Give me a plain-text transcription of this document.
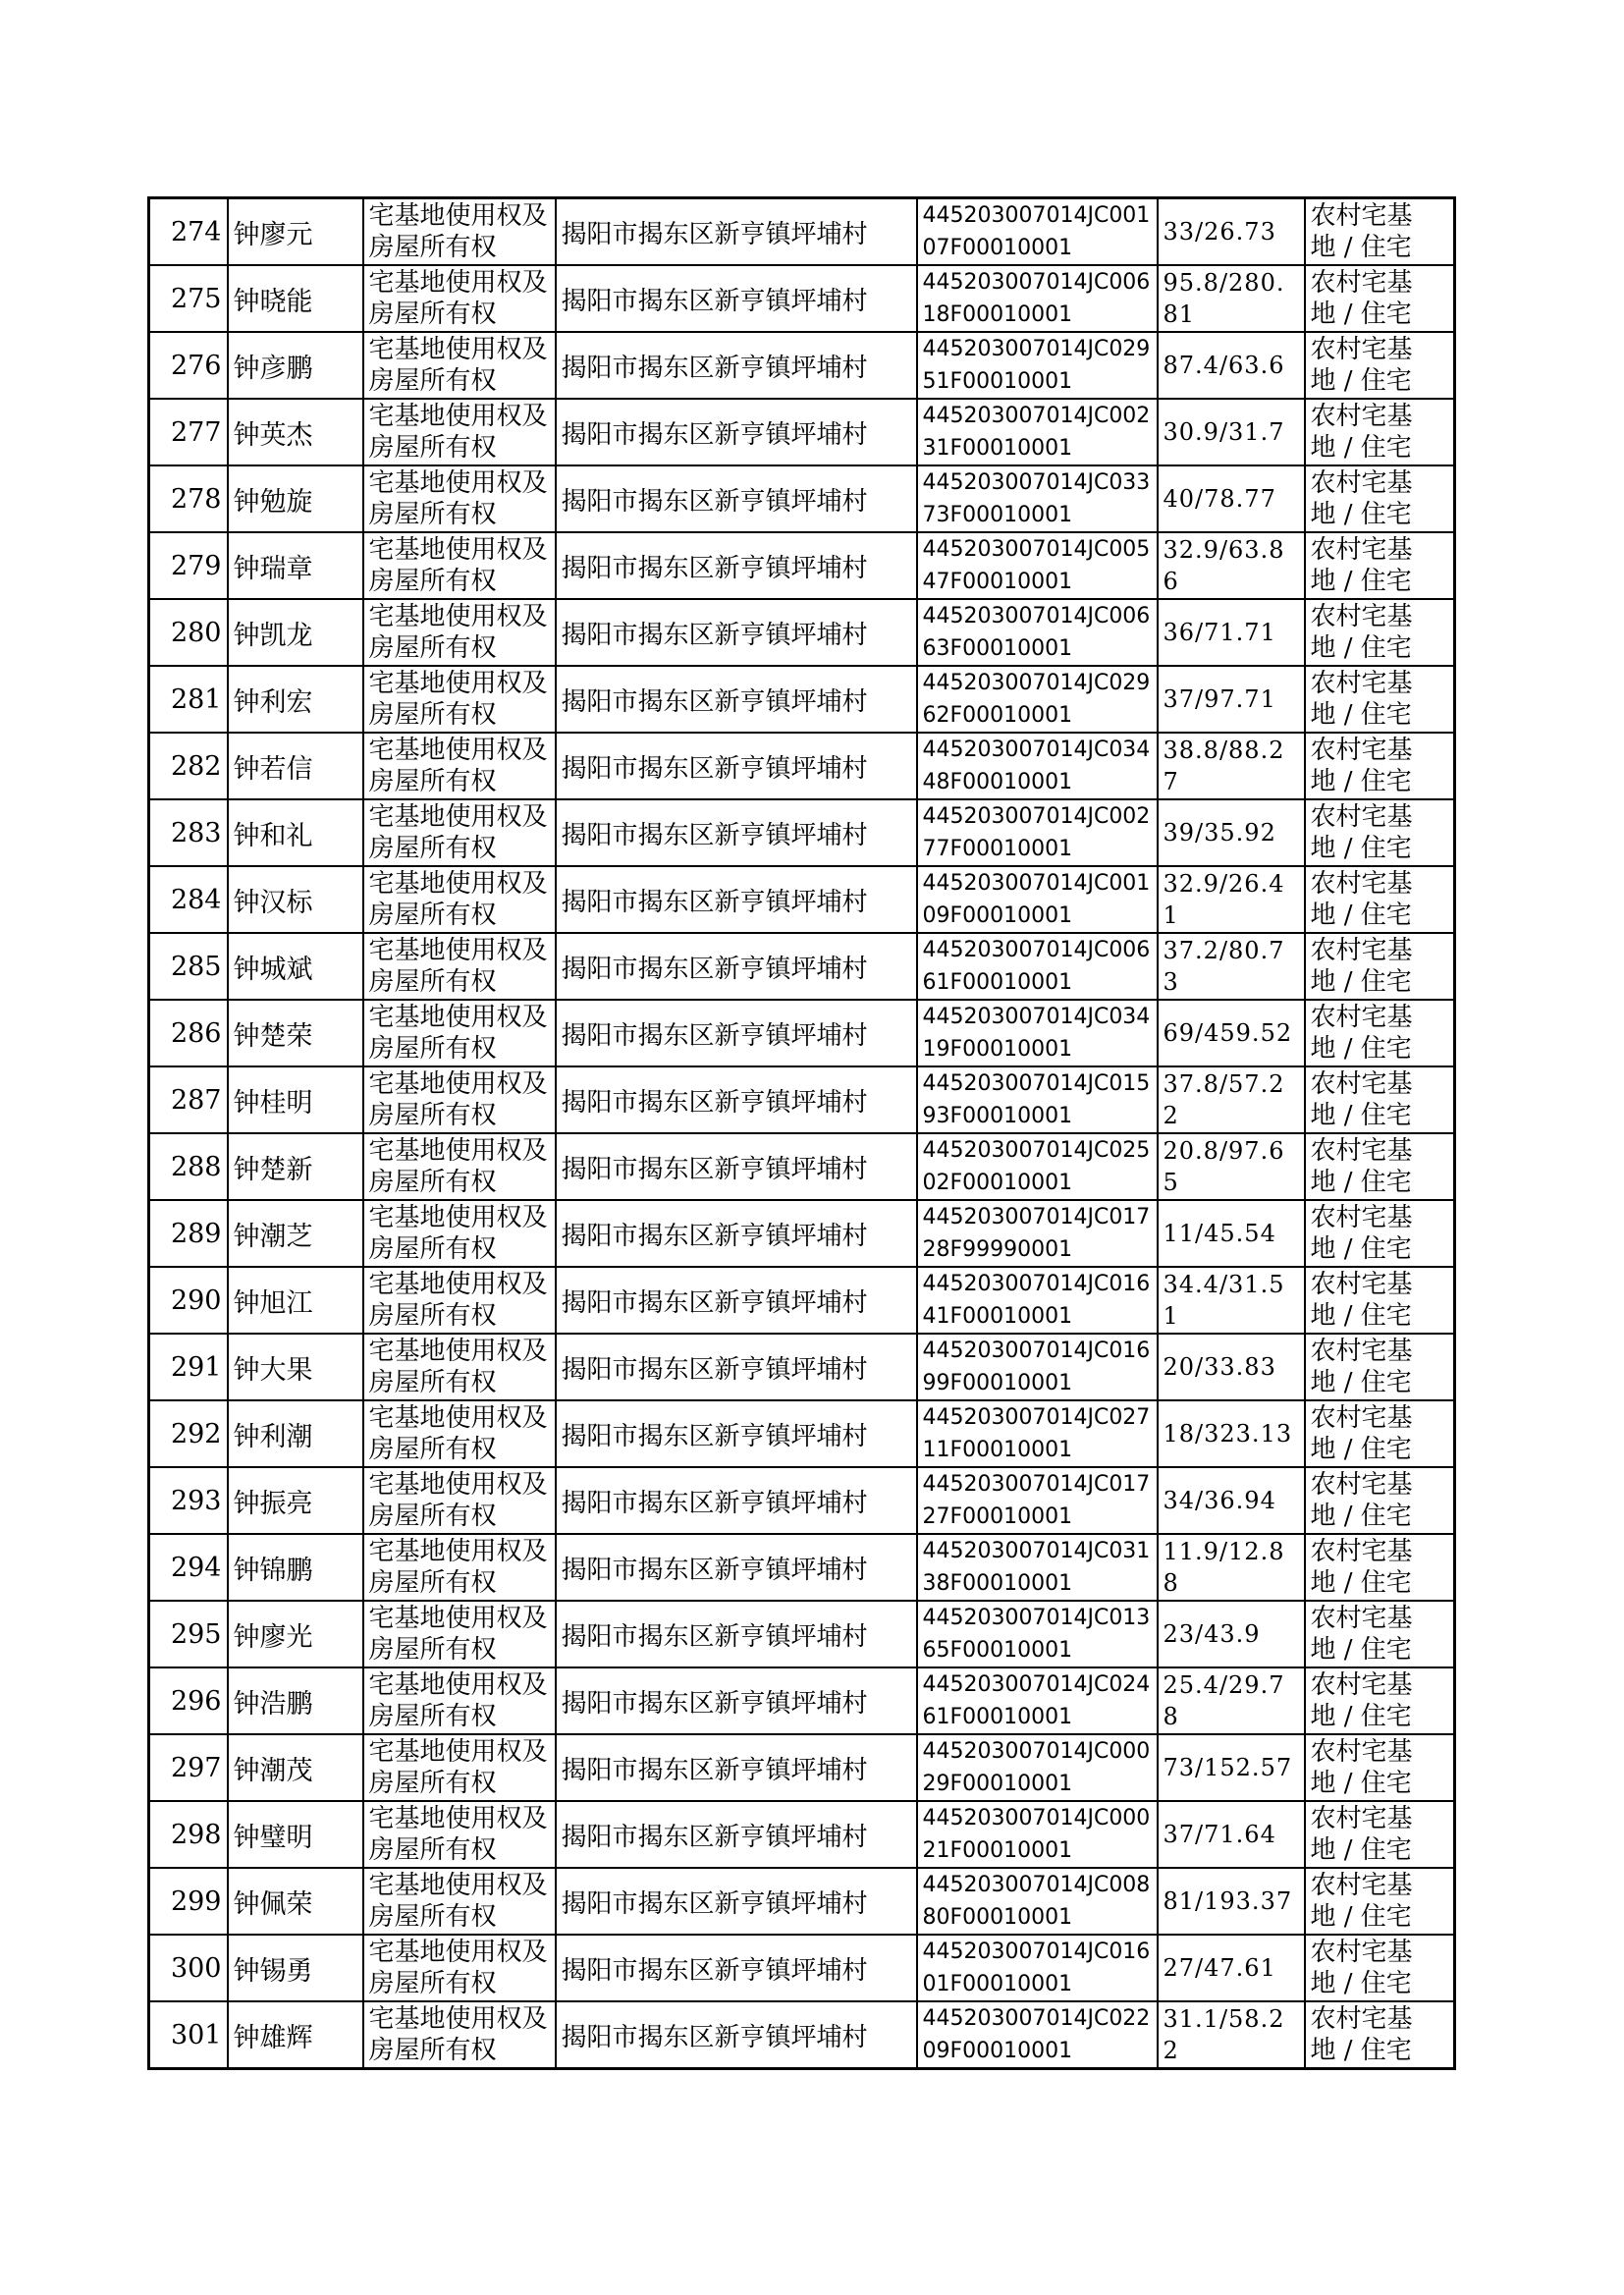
274	钟廖元	宅基地使用权及房屋所有权	揭阳市揭东区新亨镇坪埔村	445203007014JC00107F00010001	33/26.73	农村宅基
地 / 住宅

275	钟晓能	宅基地使用权及房屋所有权	揭阳市揭东区新亨镇坪埔村	445203007014JC00618F00010001	95.8/280.81	农村宅基
地 / 住宅

276	钟彦鹏	宅基地使用权及房屋所有权	揭阳市揭东区新亨镇坪埔村	445203007014JC02951F00010001	87.4/63.6	农村宅基
地 / 住宅

277	钟英杰	宅基地使用权及房屋所有权	揭阳市揭东区新亨镇坪埔村	445203007014JC00231F00010001	30.9/31.7	农村宅基
地 / 住宅

278	钟勉旋	宅基地使用权及房屋所有权	揭阳市揭东区新亨镇坪埔村	445203007014JC03373F00010001	40/78.77	农村宅基
地 / 住宅

279	钟瑞章	宅基地使用权及房屋所有权	揭阳市揭东区新亨镇坪埔村	445203007014JC00547F00010001	32.9/63.86	农村宅基
地 / 住宅

280	钟凯龙	宅基地使用权及房屋所有权	揭阳市揭东区新亨镇坪埔村	445203007014JC00663F00010001	36/71.71	农村宅基
地 / 住宅

281	钟利宏	宅基地使用权及房屋所有权	揭阳市揭东区新亨镇坪埔村	445203007014JC02962F00010001	37/97.71	农村宅基
地 / 住宅

282	钟若信	宅基地使用权及房屋所有权	揭阳市揭东区新亨镇坪埔村	445203007014JC03448F00010001	38.8/88.27	农村宅基
地 / 住宅

283	钟和礼	宅基地使用权及房屋所有权	揭阳市揭东区新亨镇坪埔村	445203007014JC00277F00010001	39/35.92	农村宅基
地 / 住宅

284	钟汉标	宅基地使用权及房屋所有权	揭阳市揭东区新亨镇坪埔村	445203007014JC00109F00010001	32.9/26.41	农村宅基
地 / 住宅

285	钟城斌	宅基地使用权及房屋所有权	揭阳市揭东区新亨镇坪埔村	445203007014JC00661F00010001	37.2/80.73	农村宅基
地 / 住宅

286	钟楚荣	宅基地使用权及房屋所有权	揭阳市揭东区新亨镇坪埔村	445203007014JC03419F00010001	69/459.52	农村宅基
地 / 住宅

287	钟桂明	宅基地使用权及房屋所有权	揭阳市揭东区新亨镇坪埔村	445203007014JC01593F00010001	37.8/57.22	农村宅基
地 / 住宅

288	钟楚新	宅基地使用权及房屋所有权	揭阳市揭东区新亨镇坪埔村	445203007014JC02502F00010001	20.8/97.65	农村宅基
地 / 住宅

289	钟潮芝	宅基地使用权及房屋所有权	揭阳市揭东区新亨镇坪埔村	445203007014JC01728F99990001	11/45.54	农村宅基
地 / 住宅

290	钟旭江	宅基地使用权及房屋所有权	揭阳市揭东区新亨镇坪埔村	445203007014JC01641F00010001	34.4/31.51	农村宅基
地 / 住宅

291	钟大果	宅基地使用权及房屋所有权	揭阳市揭东区新亨镇坪埔村	445203007014JC01699F00010001	20/33.83	农村宅基
地 / 住宅

292	钟利潮	宅基地使用权及房屋所有权	揭阳市揭东区新亨镇坪埔村	445203007014JC02711F00010001	18/323.13	农村宅基
地 / 住宅

293	钟振亮	宅基地使用权及房屋所有权	揭阳市揭东区新亨镇坪埔村	445203007014JC01727F00010001	34/36.94	农村宅基
地 / 住宅

294	钟锦鹏	宅基地使用权及房屋所有权	揭阳市揭东区新亨镇坪埔村	445203007014JC03138F00010001	11.9/12.88	农村宅基
地 / 住宅

295	钟廖光	宅基地使用权及房屋所有权	揭阳市揭东区新亨镇坪埔村	445203007014JC01365F00010001	23/43.9	农村宅基
地 / 住宅

296	钟浩鹏	宅基地使用权及房屋所有权	揭阳市揭东区新亨镇坪埔村	445203007014JC02461F00010001	25.4/29.78	农村宅基
地 / 住宅

297	钟潮茂	宅基地使用权及房屋所有权	揭阳市揭东区新亨镇坪埔村	445203007014JC00029F00010001	73/152.57	农村宅基
地 / 住宅

298	钟璧明	宅基地使用权及房屋所有权	揭阳市揭东区新亨镇坪埔村	445203007014JC00021F00010001	37/71.64	农村宅基
地 / 住宅

299	钟佩荣	宅基地使用权及房屋所有权	揭阳市揭东区新亨镇坪埔村	445203007014JC00880F00010001	81/193.37	农村宅基
地 / 住宅

300	钟锡勇	宅基地使用权及房屋所有权	揭阳市揭东区新亨镇坪埔村	445203007014JC01601F00010001	27/47.61	农村宅基
地 / 住宅

301	钟雄辉	宅基地使用权及房屋所有权	揭阳市揭东区新亨镇坪埔村	445203007014JC02209F00010001	31.1/58.22	农村宅基
地 / 住宅
